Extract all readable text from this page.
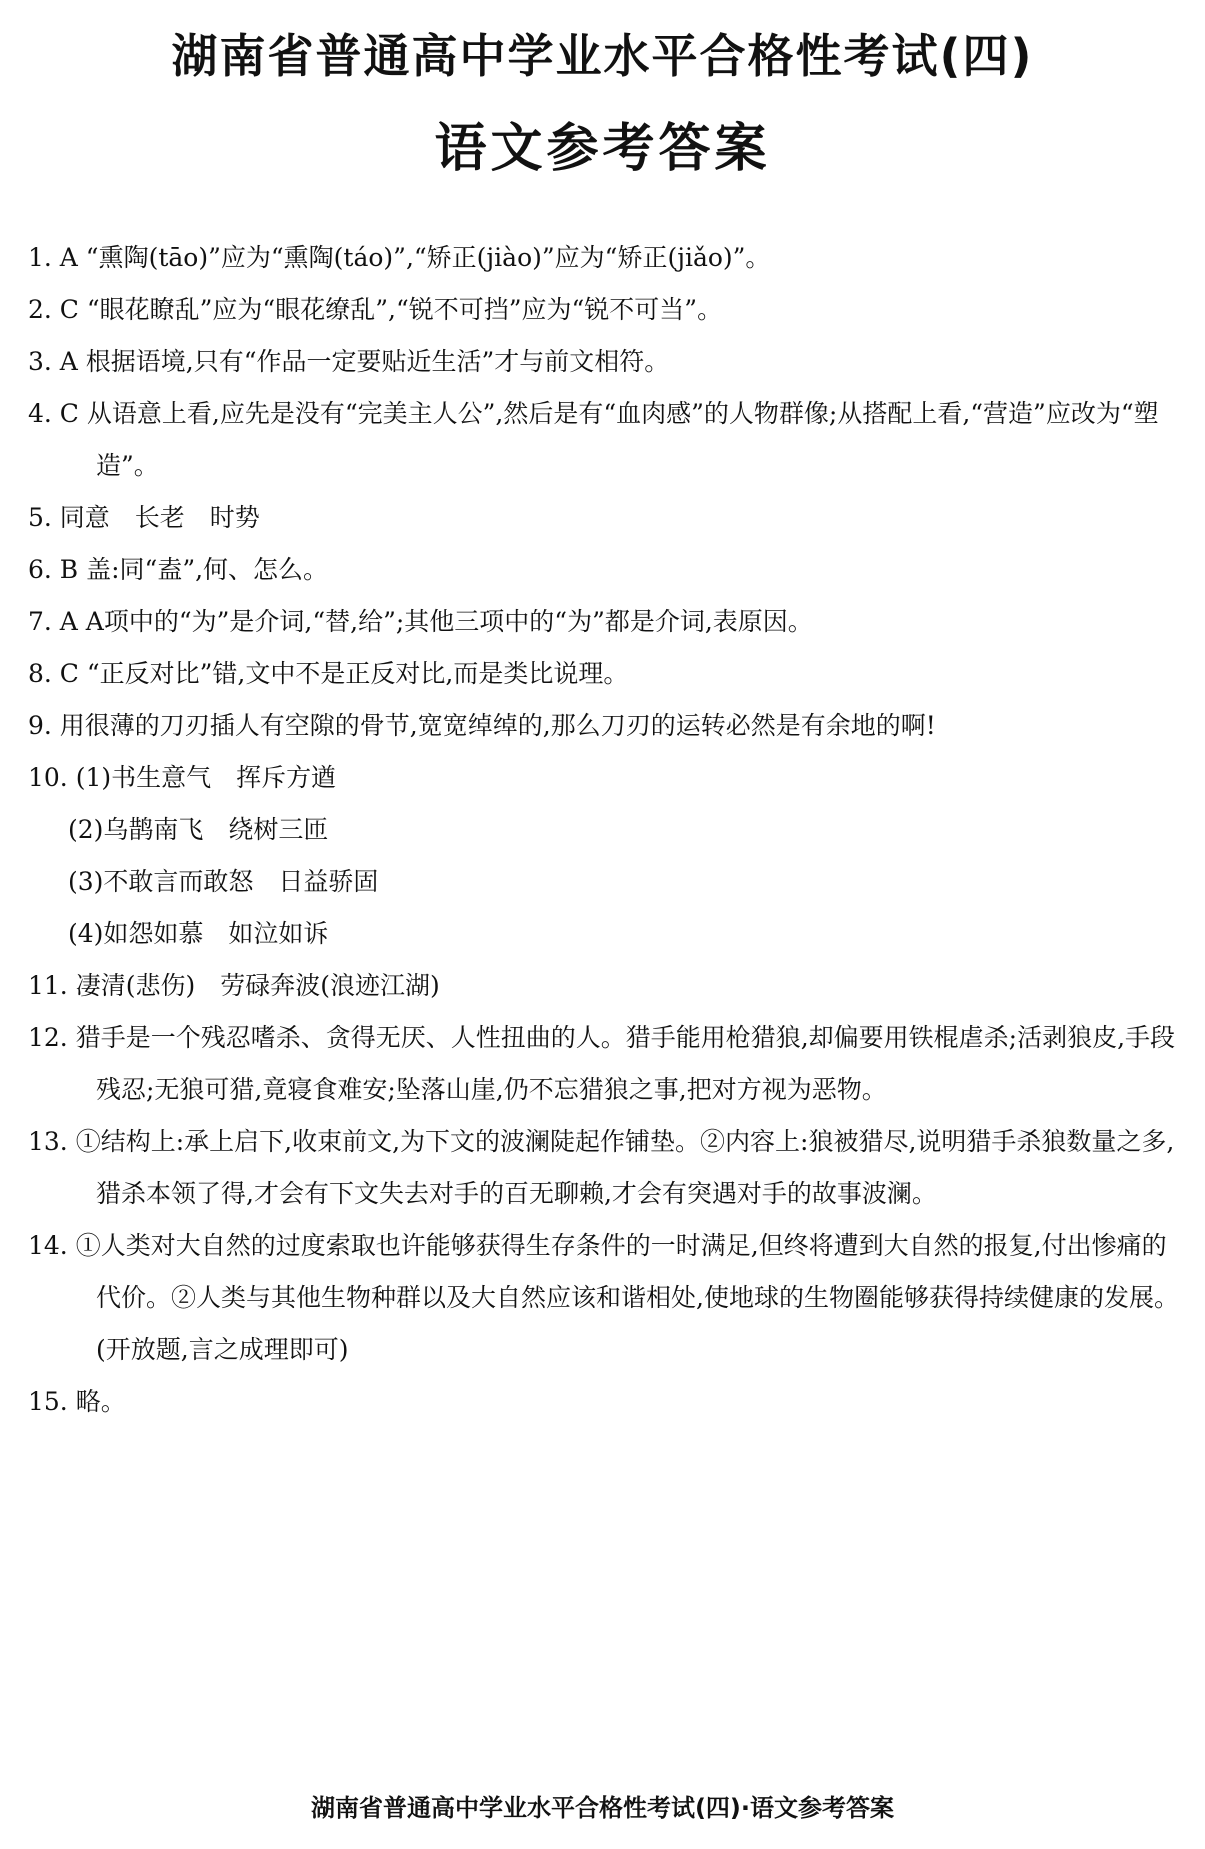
湖南省普通高中学业水平合格性考试(四)
语文参考答案
1. A “熏陶(tāo)”应为“熏陶(táo)”,“矫正(jiào)”应为“矫正(jiǎo)”。
2. C “眼花瞭乱”应为“眼花缭乱”,“锐不可挡”应为“锐不可当”。
3. A 根据语境,只有“作品一定要贴近生活”才与前文相符。
4. C 从语意上看,应先是没有“完美主人公”,然后是有“血肉感”的人物群像;从搭配上看,“营造”应改为“塑造”。
5. 同意　长老　时势
6. B 盖:同“盍”,何、怎么。
7. A A项中的“为”是介词,“替,给”;其他三项中的“为”都是介词,表原因。
8. C “正反对比”错,文中不是正反对比,而是类比说理。
9. 用很薄的刀刃插人有空隙的骨节,宽宽绰绰的,那么刀刃的运转必然是有余地的啊!
10. (1)书生意气　挥斥方遒
(2)乌鹊南飞　绕树三匝
(3)不敢言而敢怒　日益骄固
(4)如怨如慕　如泣如诉
11. 凄清(悲伤)　劳碌奔波(浪迹江湖)
12. 猎手是一个残忍嗜杀、贪得无厌、人性扭曲的人。猎手能用枪猎狼,却偏要用铁棍虐杀;活剥狼皮,手段残忍;无狼可猎,竟寝食难安;坠落山崖,仍不忘猎狼之事,把对方视为恶物。
13. ①结构上:承上启下,收束前文,为下文的波澜陡起作铺垫。②内容上:狼被猎尽,说明猎手杀狼数量之多,猎杀本领了得,才会有下文失去对手的百无聊赖,才会有突遇对手的故事波澜。
14. ①人类对大自然的过度索取也许能够获得生存条件的一时满足,但终将遭到大自然的报复,付出惨痛的代价。②人类与其他生物种群以及大自然应该和谐相处,使地球的生物圈能够获得持续健康的发展。(开放题,言之成理即可)
15. 略。
湖南省普通高中学业水平合格性考试(四)·语文参考答案
